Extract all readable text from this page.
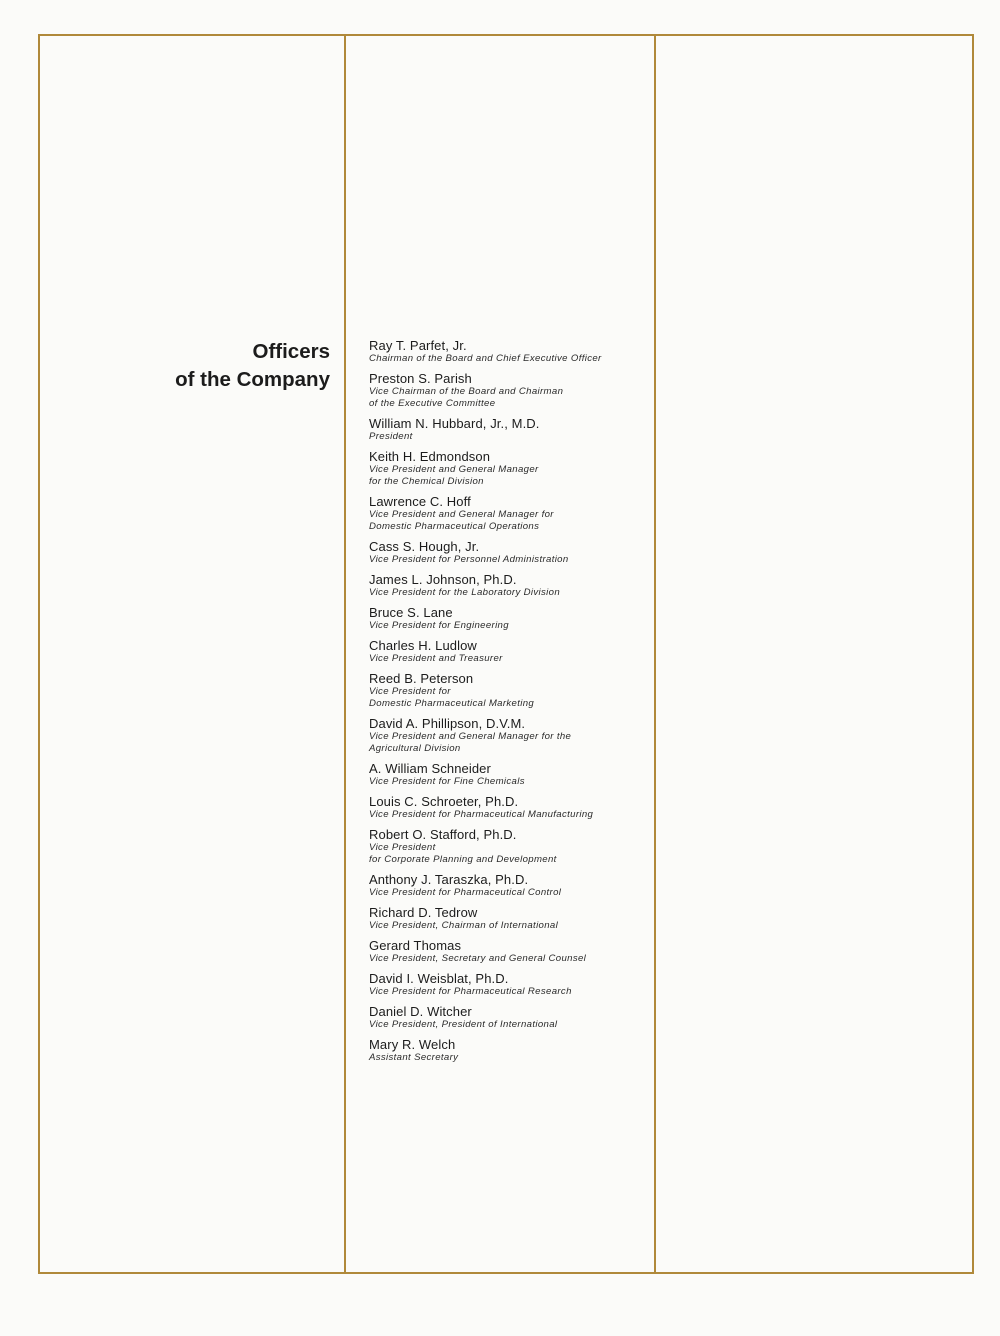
Officers
of the Company
Ray T. Parfet, Jr.
Chairman of the Board and Chief Executive Officer
Preston S. Parish
Vice Chairman of the Board and Chairman
of the Executive Committee
William N. Hubbard, Jr., M.D.
President
Keith H. Edmondson
Vice President and General Manager
for the Chemical Division
Lawrence C. Hoff
Vice President and General Manager for
Domestic Pharmaceutical Operations
Cass S. Hough, Jr.
Vice President for Personnel Administration
James L. Johnson, Ph.D.
Vice President for the Laboratory Division
Bruce S. Lane
Vice President for Engineering
Charles H. Ludlow
Vice President and Treasurer
Reed B. Peterson
Vice President for
Domestic Pharmaceutical Marketing
David A. Phillipson, D.V.M.
Vice President and General Manager for the
Agricultural Division
A. William Schneider
Vice President for Fine Chemicals
Louis C. Schroeter, Ph.D.
Vice President for Pharmaceutical Manufacturing
Robert O. Stafford, Ph.D.
Vice President
for Corporate Planning and Development
Anthony J. Taraszka, Ph.D.
Vice President for Pharmaceutical Control
Richard D. Tedrow
Vice President, Chairman of International
Gerard Thomas
Vice President, Secretary and General Counsel
David I. Weisblat, Ph.D.
Vice President for Pharmaceutical Research
Daniel D. Witcher
Vice President, President of International
Mary R. Welch
Assistant Secretary
